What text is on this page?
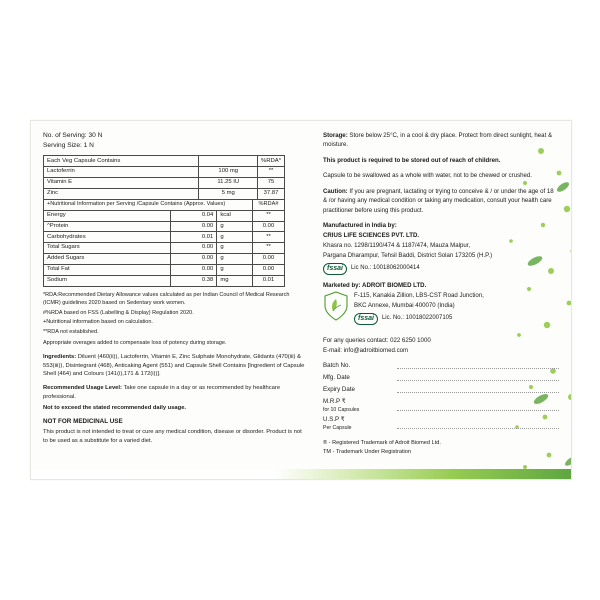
No. of Serving: 30 N
Serving Size: 1 N
Each Veg Capsule Contains		%RDA*
Lactoferrin	100 mg	**
Vitamin E	11.25 IU	75
Zinc	5 mg	37.87
+Nutritional Information per Serving /Capsule Contains (Approx. Values)			%RDA#
Energy	0.04	kcal	**
^Protein	0.00	g	0.00
Carbohydrates	0.01	g	**
Total Sugars	0.00	g	**
Added Sugars	0.00	g	0.00
Total Fat	0.00	g	0.00
Sodium	0.38	mg	0.01

*RDA:Recommended Dietary Allowance values calculated as per Indian Council of Medical Research (ICMR) guidelines 2020 based on Sedentary work women.

#%RDA based on FSS (Labelling & Display) Regulation 2020.

+Nutritional information based on calculation.

**RDA not established.

Appropriate overages added to compensate loss of potency during storage.

Ingredients: Diluent (460(ii)), Lactoferrin, Vitamin E, Zinc Sulphate Monohydrate, Glidants (470(iii) & 553(iii)), Disintegrant (468), Anticaking Agent (551) and Capsule Shell Contains [Ingredient of Capsule Shell (464) and Colours (141(i),171 & 172(i))].

Recommended Usage Level: Take one capsule in a day or as recommended by healthcare professional.

Not to exceed the stated recommended daily usage.

NOT FOR MEDICINAL USE

This product is not intended to treat or cure any medical condition, disease or disorder. Product is not to be used as a substitute for a varied diet.

Storage: Store below 25°C, in a cool & dry place. Protect from direct sunlight, heat & moisture.

This product is required to be stored out of reach of children.

Capsule to be swallowed as a whole with water, not to be chewed or crushed.

Caution: If you are pregnant, lactating or trying to conceive & / or under the age of 18 & /or having any medical condition or taking any medication, consult your health care practitioner before using this product.

Manufactured in India by:

CRIUS LIFE SCIENCES PVT. LTD.

Khasra no. 1298/1190/474 & 1187/474, Mauza Malpur,

Pargana Dharampur, Tehsil Baddi, District Solan 173205 (H.P.)

fssai	Lic No.: 10018062000414

Marketed by: ADROIT BIOMED LTD.

F-115, Kanakia Zillion, LBS-CST Road Junction,

BKC Annexe, Mumbai 400070 (India)

fssai	Lic. No.: 10018022007105
For any queries contact: 022 6250 1000
E-mail: info@adroitbiomed.com
Batch No.
Mfg. Date
Expiry Date
M.R.P ₹
for 10 Capsules
U.S.P ₹
Per Capsule
® - Registered Trademark of Adroit Biomed Ltd.
TM - Trademark Under Registration
